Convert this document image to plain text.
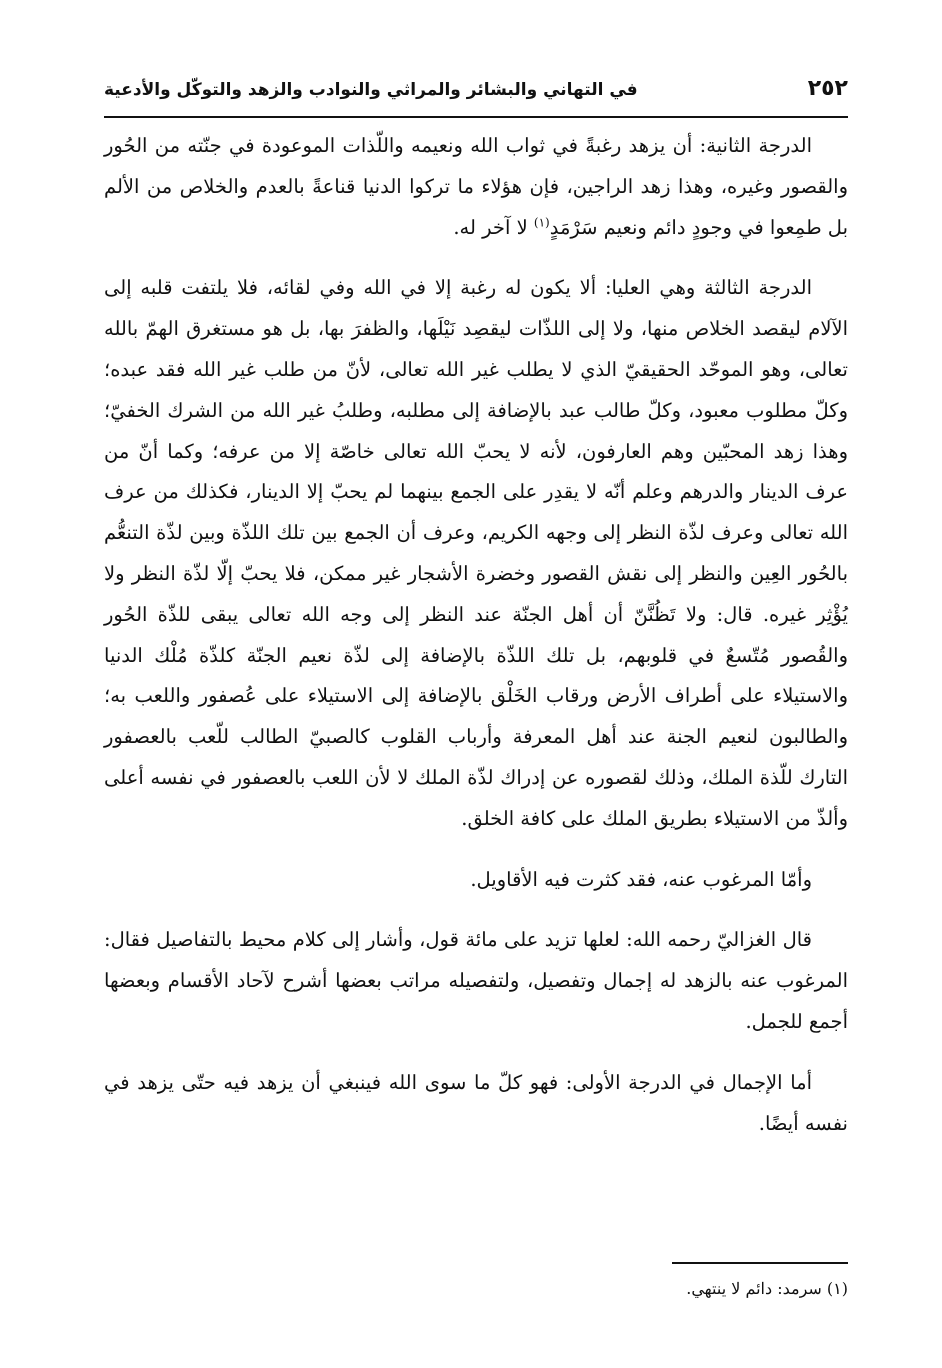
٢٥٢
في التهاني والبشائر والمراثي والنوادب والزهد والتوكّل والأدعية

الدرجة الثانية: أن يزهد رغبةً في ثواب الله ونعيمه واللّذات الموعودة في جنّته من الحُور والقصور وغيره، وهذا زهد الراجين، فإن هؤلاء ما تركوا الدنيا قناعةً بالعدم والخلاص من الألم بل طمِعوا في وجودٍ دائم ونعيم سَرْمَدٍ$^{(١)}$ لا آخر له.

الدرجة الثالثة وهي العليا: ألا يكون له رغبة إلا في الله وفي لقائه، فلا يلتفت قلبه إلى الآلام ليقصد الخلاص منها، ولا إلى اللذّات ليقصِد نَيْلَها، والظفرَ بها، بل هو مستغرق الهمّ بالله تعالى، وهو الموحّد الحقيقيّ الذي لا يطلب غير الله تعالى، لأنّ من طلب غير الله فقد عبده؛ وكلّ مطلوب معبود، وكلّ طالب عبد بالإضافة إلى مطلبه، وطلبُ غير الله من الشرك الخفيّ؛ وهذا زهد المحبّين وهم العارفون، لأنه لا يحبّ الله تعالى خاصّة إلا من عرفه؛ وكما أنّ من عرف الدينار والدرهم وعلم أنّه لا يقدِر على الجمع بينهما لم يحبّ إلا الدينار، فكذلك من عرف الله تعالى وعرف لذّة النظر إلى وجهه الكريم، وعرف أن الجمع بين تلك اللذّة وبين لذّة التنعُّم بالحُور العِين والنظر إلى نقش القصور وخضرة الأشجار غير ممكن، فلا يحبّ إلّا لذّة النظر ولا يُؤْثِر غيره. قال: ولا تَظُنَّنّ أن أهل الجنّة عند النظر إلى وجه الله تعالى يبقى للذّة الحُور والقُصور مُتّسعٌ في قلوبهم، بل تلك اللذّة بالإضافة إلى لذّة نعيم الجنّة كلذّة مُلْك الدنيا والاستيلاء على أطراف الأرض ورقاب الخَلْق بالإضافة إلى الاستيلاء على عُصفور واللعب به؛ والطالبون لنعيم الجنة عند أهل المعرفة وأرباب القلوب كالصبيّ الطالب للّعب بالعصفور التارك للّذة الملك، وذلك لقصوره عن إدراك لذّة الملك لا لأن اللعب بالعصفور في نفسه أعلى وألذّ من الاستيلاء بطريق الملك على كافة الخلق.

وأمّا المرغوب عنه، فقد كثرت فيه الأقاويل.

قال الغزاليّ رحمه الله: لعلها تزيد على مائة قول، وأشار إلى كلام محيط بالتفاصيل فقال: المرغوب عنه بالزهد له إجمال وتفصيل، ولتفصيله مراتب بعضها أشرح لآحاد الأقسام وبعضها أجمع للجمل.

أما الإجمال في الدرجة الأولى: فهو كلّ ما سوى الله فينبغي أن يزهد فيه حتّى يزهد في نفسه أيضًا.

(١) سرمد: دائم لا ينتهي.
